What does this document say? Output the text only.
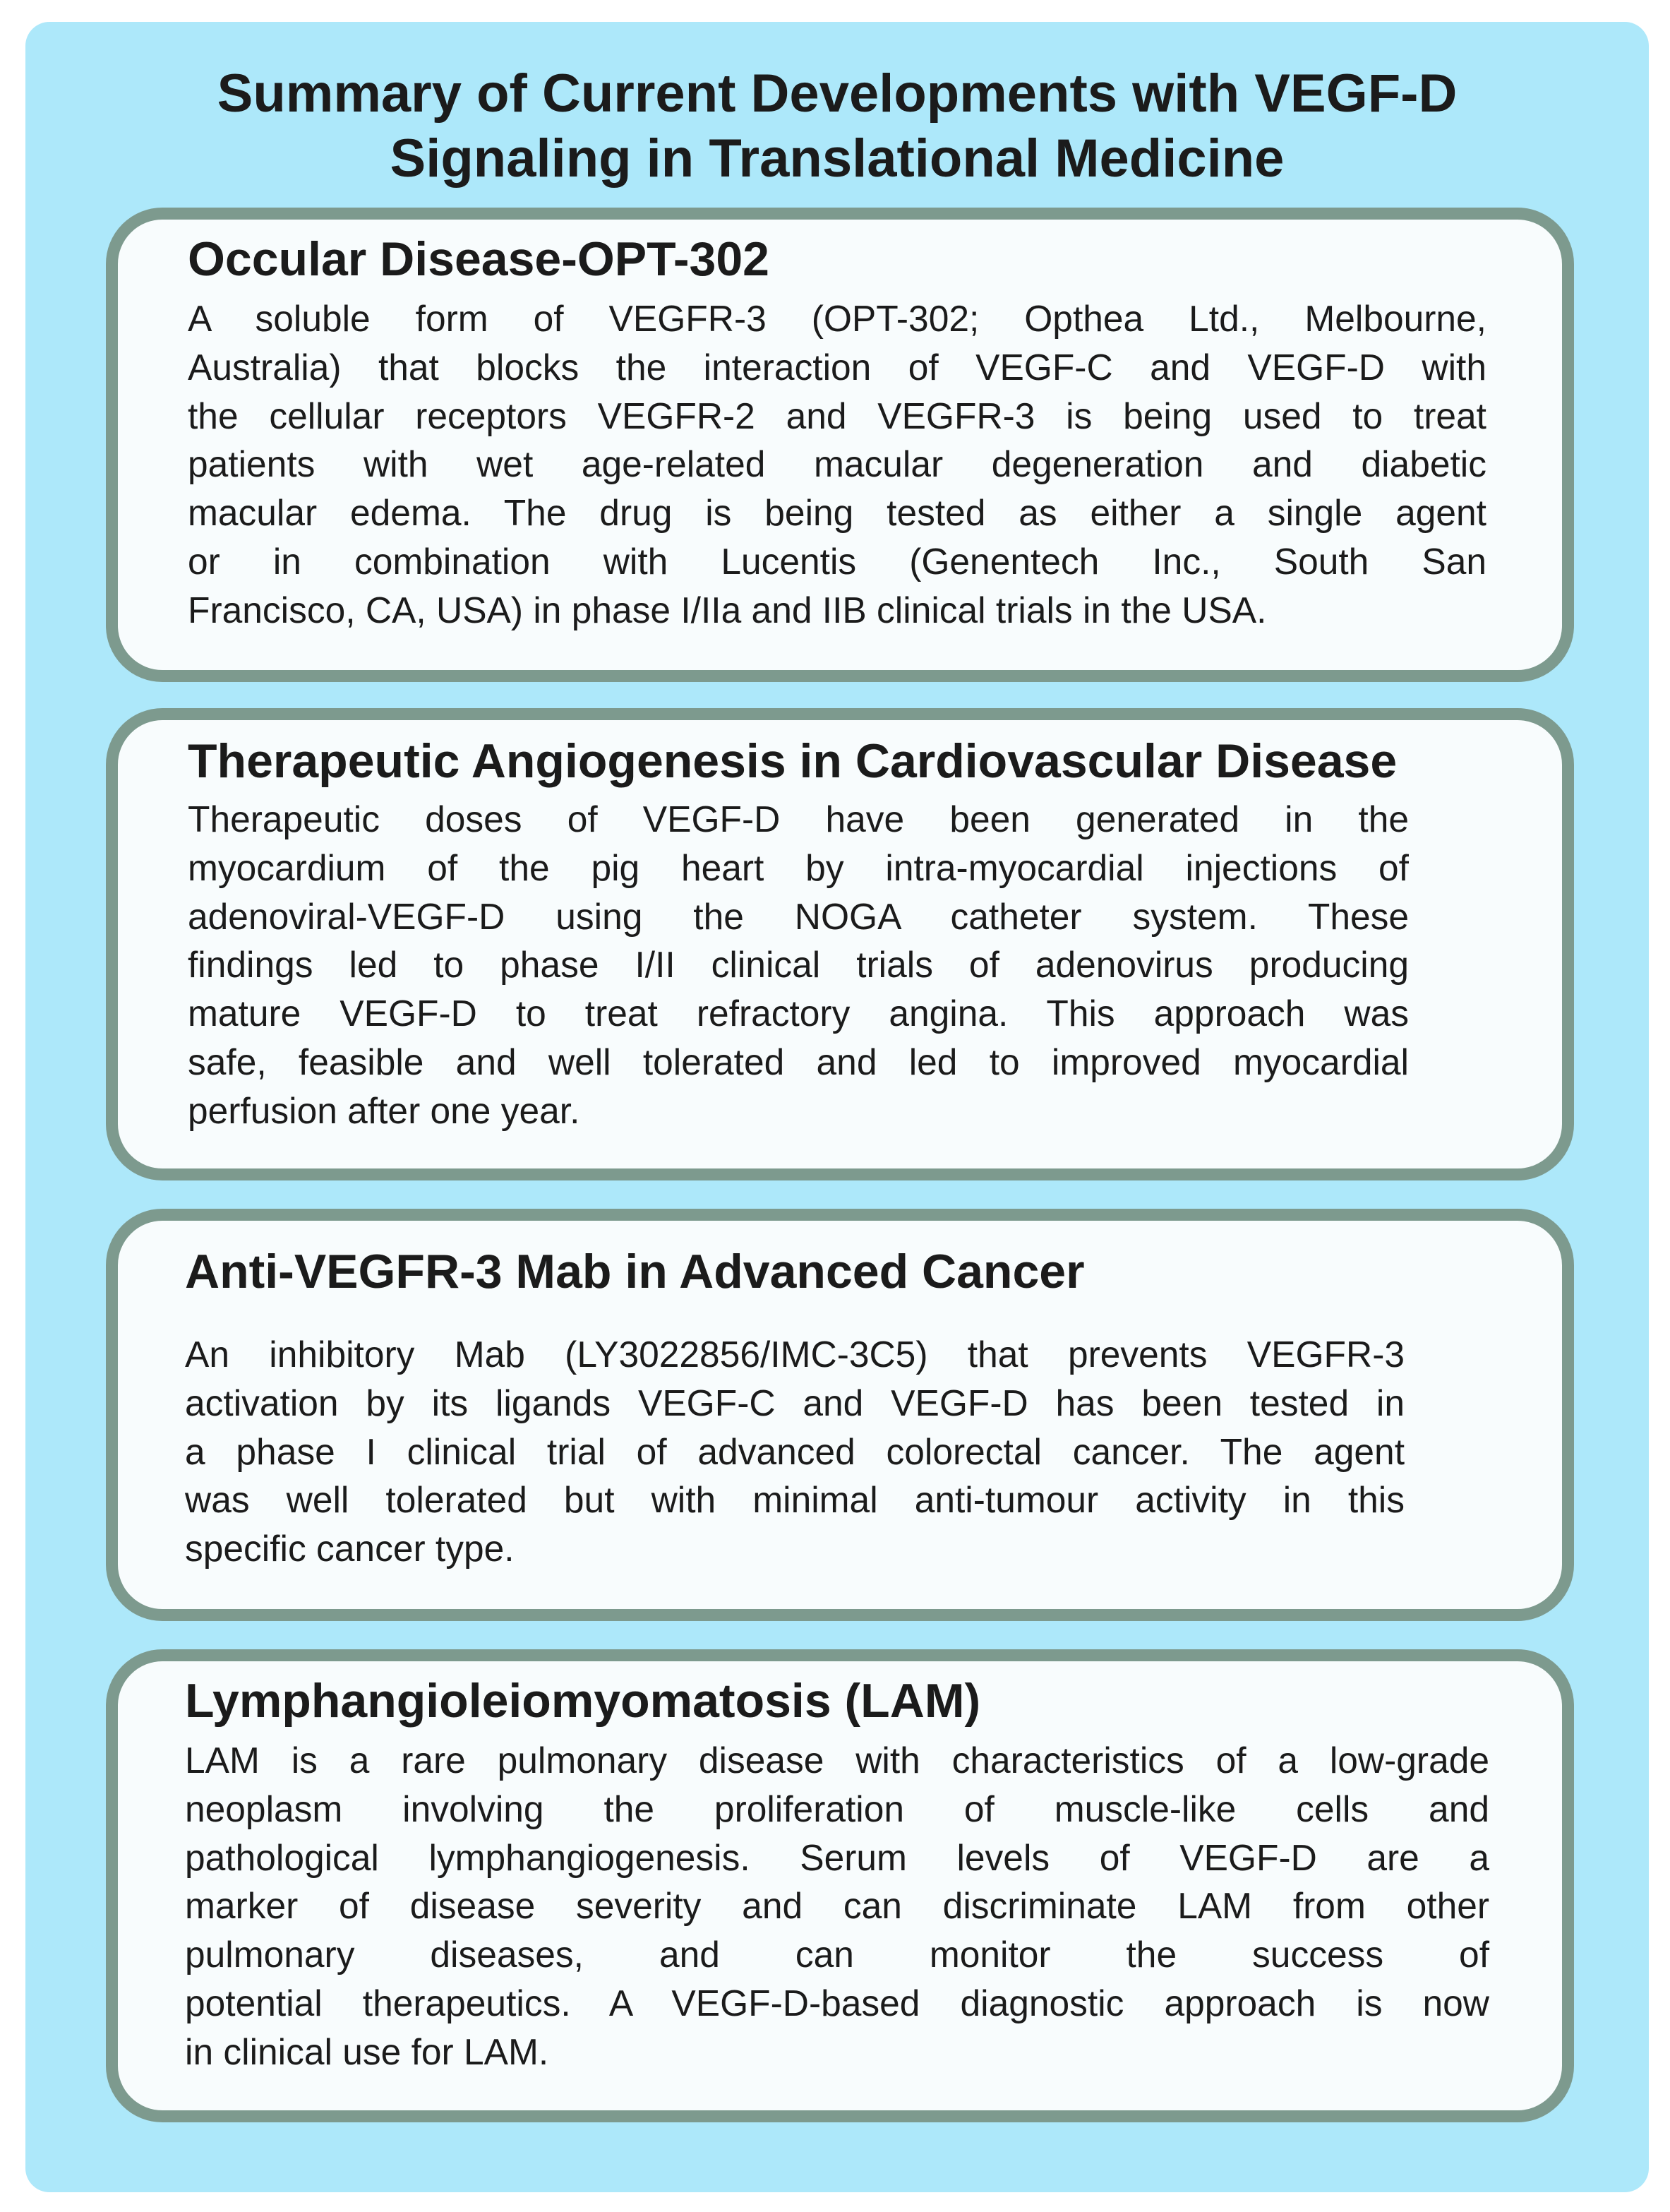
Summary of Current Developments with VEGF-D
Signaling in Translational Medicine
Occular Disease-OPT-302
A soluble form of VEGFR-3 (OPT-302; Opthea Ltd., Melbourne,
Australia) that blocks the interaction of VEGF-C and VEGF-D with
the cellular receptors VEGFR-2 and VEGFR-3 is being used to treat
patients with wet age-related macular degeneration and diabetic
macular edema. The drug is being tested as either a single agent
or in combination with Lucentis (Genentech Inc., South San
Francisco, CA, USA) in phase I/IIa and IIB clinical trials in the USA.
Therapeutic Angiogenesis in Cardiovascular Disease
Therapeutic doses of VEGF-D have been generated in the
myocardium of the pig heart by intra-myocardial injections of
adenoviral-VEGF-D using the NOGA catheter system. These
findings led to phase I/II clinical trials of adenovirus producing
mature VEGF-D to treat refractory angina. This approach was
safe, feasible and well tolerated and led to improved myocardial
perfusion after one year.
Anti-VEGFR-3 Mab in Advanced Cancer
An inhibitory Mab (LY3022856/IMC-3C5) that prevents VEGFR-3
activation by its ligands VEGF-C and VEGF-D has been tested in
a phase I clinical trial of advanced colorectal cancer. The agent
was well tolerated but with minimal anti-tumour activity in this
specific cancer type.
Lymphangioleiomyomatosis (LAM)
LAM is a rare pulmonary disease with characteristics of a low-grade
neoplasm involving the proliferation of muscle-like cells and
pathological lymphangiogenesis. Serum levels of VEGF-D are a
marker of disease severity and can discriminate LAM from other
pulmonary diseases, and can monitor the success of
potential therapeutics. A VEGF-D-based diagnostic approach is now
in clinical use for LAM.
